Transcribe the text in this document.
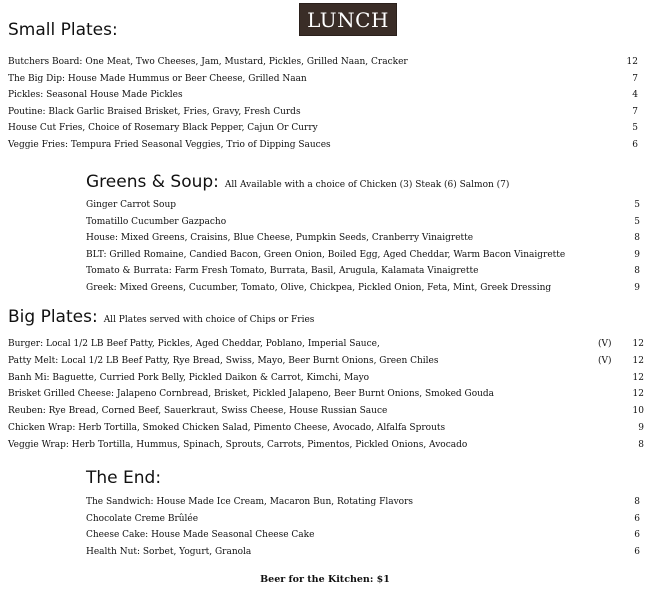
LUNCH
Small Plates:
Butchers Board: One Meat, Two Cheeses, Jam, Mustard, Pickles, Grilled Naan, Cracker	12
The Big Dip: House Made Hummus or Beer Cheese, Grilled Naan	7
Pickles: Seasonal House Made Pickles	4
Poutine: Black Garlic Braised Brisket, Fries, Gravy, Fresh Curds	7
House Cut Fries, Choice of Rosemary Black Pepper, Cajun Or Curry	5
Veggie Fries: Tempura Fried Seasonal Veggies, Trio of Dipping Sauces	6
Greens & Soup: All Available with a choice of Chicken (3) Steak (6) Salmon (7)
Ginger Carrot Soup	5
Tomatillo Cucumber Gazpacho	5
House: Mixed Greens, Craisins, Blue Cheese, Pumpkin Seeds, Cranberry Vinaigrette	8
BLT: Grilled Romaine, Candied Bacon, Green Onion, Boiled Egg, Aged Cheddar, Warm Bacon Vinaigrette	9
Tomato & Burrata: Farm Fresh Tomato, Burrata, Basil, Arugula, Kalamata Vinaigrette	8
Greek: Mixed Greens, Cucumber, Tomato, Olive, Chickpea, Pickled Onion, Feta, Mint, Greek Dressing	9
Big Plates: All Plates served with choice of Chips or Fries
Burger: Local 1/2 LB Beef Patty, Pickles, Aged Cheddar, Poblano, Imperial Sauce,	(V)	12
Patty Melt: Local 1/2 LB Beef Patty, Rye Bread, Swiss, Mayo, Beer Burnt Onions, Green Chiles	(V)	12
Banh Mi: Baguette, Curried Pork Belly, Pickled Daikon & Carrot, Kimchi, Mayo	12
Brisket Grilled Cheese: Jalapeno Cornbread, Brisket, Pickled Jalapeno, Beer Burnt Onions, Smoked Gouda	12
Reuben: Rye Bread, Corned Beef, Sauerkraut, Swiss Cheese, House Russian Sauce	10
Chicken Wrap: Herb Tortilla, Smoked Chicken Salad, Pimento Cheese, Avocado, Alfalfa Sprouts	9
Veggie Wrap: Herb Tortilla, Hummus, Spinach, Sprouts, Carrots, Pimentos, Pickled Onions, Avocado	8
The End:
The Sandwich: House Made Ice Cream, Macaron Bun, Rotating Flavors	8
Chocolate Creme Brûlée	6
Cheese Cake: House Made Seasonal Cheese Cake	6
Health Nut: Sorbet, Yogurt, Granola	6
Beer for the Kitchen: $1
